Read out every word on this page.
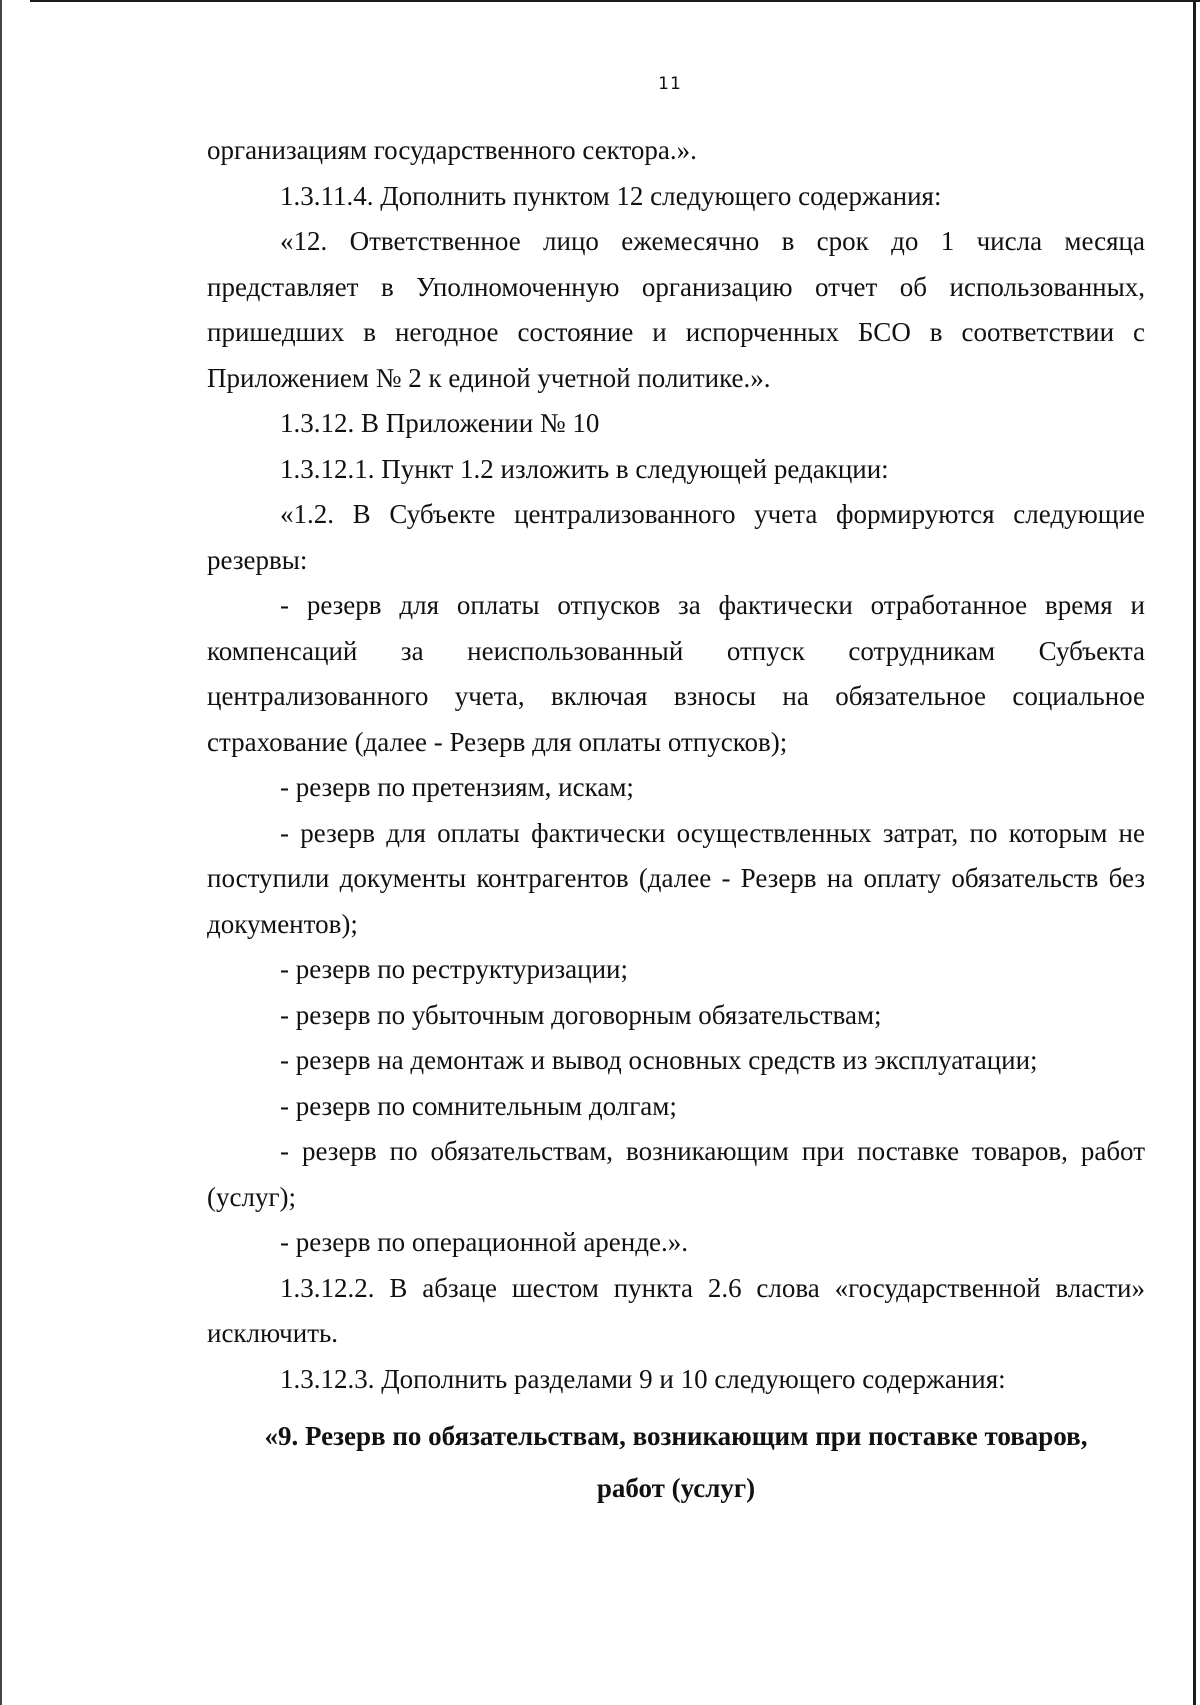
11

организациям государственного сектора.».

1.3.11.4. Дополнить пунктом 12 следующего содержания:

«12. Ответственное лицо ежемесячно в срок до 1 числа месяца представляет в Уполномоченную организацию отчет об использованных, пришедших в негодное состояние и испорченных БСО в соответствии с Приложением № 2 к единой учетной политике.».

1.3.12. В Приложении № 10

1.3.12.1. Пункт 1.2 изложить в следующей редакции:

«1.2. В Субъекте централизованного учета формируются следующие резервы:

- резерв для оплаты отпусков за фактически отработанное время и компенсаций за неиспользованный отпуск сотрудникам Субъекта централизованного учета, включая взносы на обязательное социальное страхование (далее - Резерв для оплаты отпусков);

- резерв по претензиям, искам;

- резерв для оплаты фактически осуществленных затрат, по которым не поступили документы контрагентов (далее - Резерв на оплату обязательств без документов);

- резерв по реструктуризации;

- резерв по убыточным договорным обязательствам;

- резерв на демонтаж и вывод основных средств из эксплуатации;

- резерв по сомнительным долгам;

- резерв по обязательствам, возникающим при поставке товаров, работ (услуг);

- резерв по операционной аренде.».

1.3.12.2. В абзаце шестом пункта 2.6 слова «государственной власти» исключить.

1.3.12.3. Дополнить разделами 9 и 10 следующего содержания:

«9. Резерв по обязательствам, возникающим при поставке товаров,

работ (услуг)
